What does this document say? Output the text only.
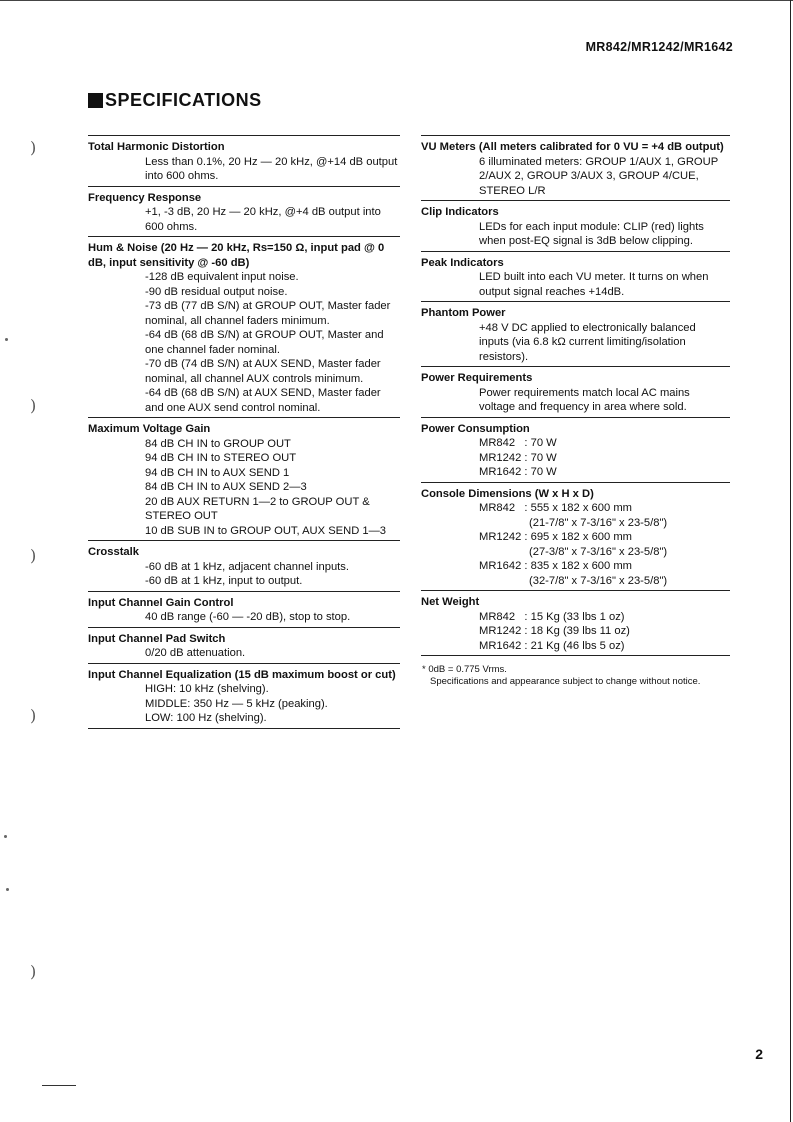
MR842/MR1242/MR1642
SPECIFICATIONS
Total Harmonic Distortion
Less than 0.1%, 20 Hz — 20 kHz, @+14 dB output
into 600 ohms.
Frequency Response
+1, -3 dB, 20 Hz — 20 kHz, @+4 dB output into
600 ohms.
Hum & Noise (20 Hz — 20 kHz, Rs=150 Ω, input pad @ 0 dB, input sensitivity @ -60 dB)
-128 dB equivalent input noise.
-90 dB residual output noise.
-73 dB (77 dB S/N) at GROUP OUT, Master fader
nominal, all channel faders minimum.
-64 dB (68 dB S/N) at GROUP OUT, Master and
one channel fader nominal.
-70 dB (74 dB S/N) at AUX SEND, Master fader
nominal, all channel AUX controls minimum.
-64 dB (68 dB S/N) at AUX SEND, Master fader
and one AUX send control nominal.
Maximum Voltage Gain
84 dB CH IN to GROUP OUT
94 dB CH IN to STEREO OUT
94 dB CH IN to AUX SEND 1
84 dB CH IN to AUX SEND 2—3
20 dB AUX RETURN 1—2 to GROUP OUT &
STEREO OUT
10 dB SUB IN to GROUP OUT, AUX SEND 1—3
Crosstalk
-60 dB at 1 kHz, adjacent channel inputs.
-60 dB at 1 kHz, input to output.
Input Channel Gain Control
40 dB range (-60 — -20 dB), stop to stop.
Input Channel Pad Switch
0/20 dB attenuation.
Input Channel Equalization (15 dB maximum boost or cut)
HIGH: 10 kHz (shelving).
MIDDLE: 350 Hz — 5 kHz (peaking).
LOW: 100 Hz (shelving).
VU Meters (All meters calibrated for 0 VU = +4 dB output)
6 illuminated meters: GROUP 1/AUX 1, GROUP
2/AUX 2, GROUP 3/AUX 3, GROUP 4/CUE,
STEREO L/R
Clip Indicators
LEDs for each input module: CLIP (red) lights
when post-EQ signal is 3dB below clipping.
Peak Indicators
LED built into each VU meter. It turns on when
output signal reaches +14dB.
Phantom Power
+48 V DC applied to electronically balanced
inputs (via 6.8 kΩ current limiting/isolation
resistors).
Power Requirements
Power requirements match local AC mains
voltage and frequency in area where sold.
Power Consumption
MR842   : 70 W
MR1242 : 70 W
MR1642 : 70 W
Console Dimensions (W x H x D)
MR842   : 555 x 182 x 600 mm
(21-7/8" x 7-3/16" x 23-5/8")
MR1242 : 695 x 182 x 600 mm
(27-3/8" x 7-3/16" x 23-5/8")
MR1642 : 835 x 182 x 600 mm
(32-7/8" x 7-3/16" x 23-5/8")
Net Weight
MR842   : 15 Kg (33 lbs 1 oz)
MR1242 : 18 Kg (39 lbs 11 oz)
MR1642 : 21 Kg (46 lbs 5 oz)
* 0dB = 0.775 Vrms.
Specifications and appearance subject to change without notice.
)
)
)
)
)
2
